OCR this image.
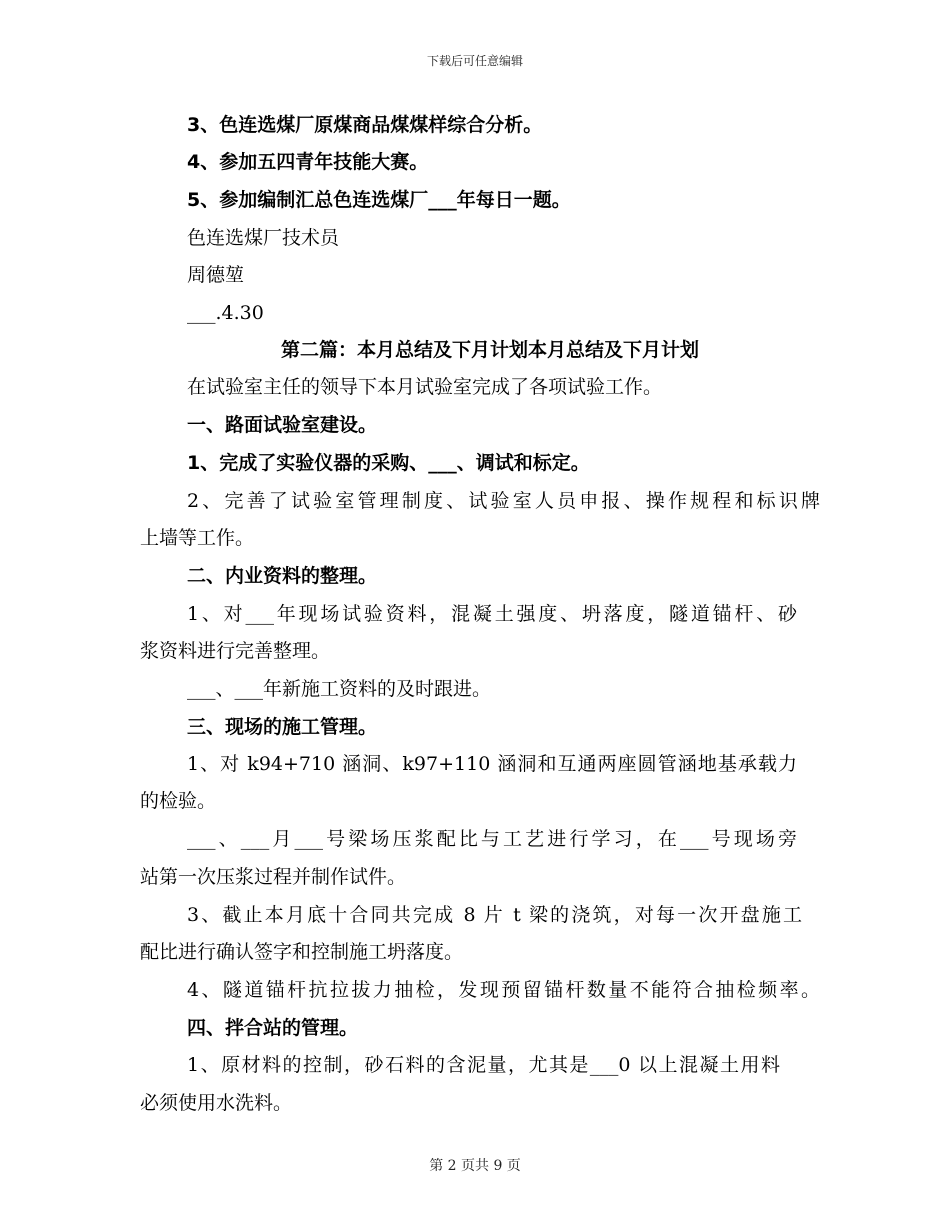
下载后可任意编辑
3、色连选煤厂原煤商品煤煤样综合分析。
4、参加五四青年技能大赛。
5、参加编制汇总色连选煤厂___年每日一题。
色连选煤厂技术员
周德堃
___.4.30
第二篇：本月总结及下月计划本月总结及下月计划
在试验室主任的领导下本月试验室完成了各项试验工作。
一、路面试验室建设。
1、完成了实验仪器的采购、___、调试和标定。
2、完善了试验室管理制度、试验室人员申报、操作规程和标识牌
上墙等工作。
二、内业资料的整理。
1、对___年现场试验资料，混凝土强度、坍落度，隧道锚杆、砂
浆资料进行完善整理。
___、___年新施工资料的及时跟进。
三、现场的施工管理。
1、对 k94+710 涵洞、k97+110 涵洞和互通两座圆管涵地基承载力
的检验。
___、___月___号梁场压浆配比与工艺进行学习，在___号现场旁
站第一次压浆过程并制作试件。
3、截止本月底十合同共完成 8 片 t 梁的浇筑，对每一次开盘施工
配比进行确认签字和控制施工坍落度。
4、隧道锚杆抗拉拔力抽检，发现预留锚杆数量不能符合抽检频率。
四、拌合站的管理。
1、原材料的控制，砂石料的含泥量，尤其是___0 以上混凝土用料
必须使用水洗料。
第 2 页共 9 页
